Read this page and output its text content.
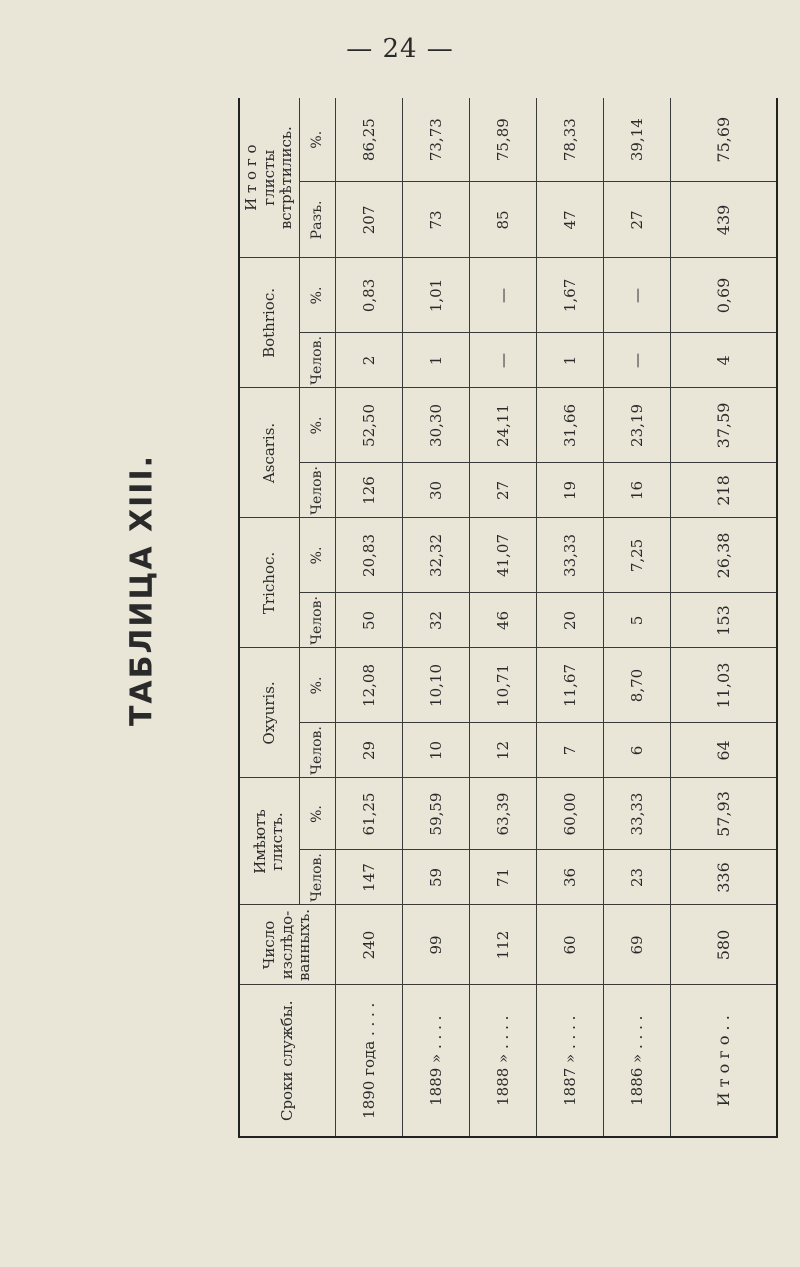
— 24 —
ТАБЛИЦА XIII.
Сроки службы.	Число
изслѣдо-
ванныхъ.	Имѣютъ
глистъ.		Oxyuris.		Trichoc.		Ascaris.		Bothrioc.		И т о г о
глисты
встрѣтились.	
		Челов.	%.	Челов.	%.	Челов·	%.	Челов·	%.	Челов.	%.	Разъ.	%.
1890 года . . . .	240	147	61,25	29	12,08	50	20,83	126	52,50	2	0,83	207	86,25
1889 » . . . .	99	59	59,59	10	10,10	32	32,32	30	30,30	1	1,01	73	73,73
1888 » . . . .	112	71	63,39	12	10,71	46	41,07	27	24,11	—	—	85	75,89
1887 » . . . .	60	36	60,00	7	11,67	20	33,33	19	31,66	1	1,67	47	78,33
1886 » . . . .	69	23	33,33	6	8,70	5	7,25	16	23,19	—	—	27	39,14
И т о г о . .	580	336	57,93	64	11,03	153	26,38	218	37,59	4	0,69	439	75,69
